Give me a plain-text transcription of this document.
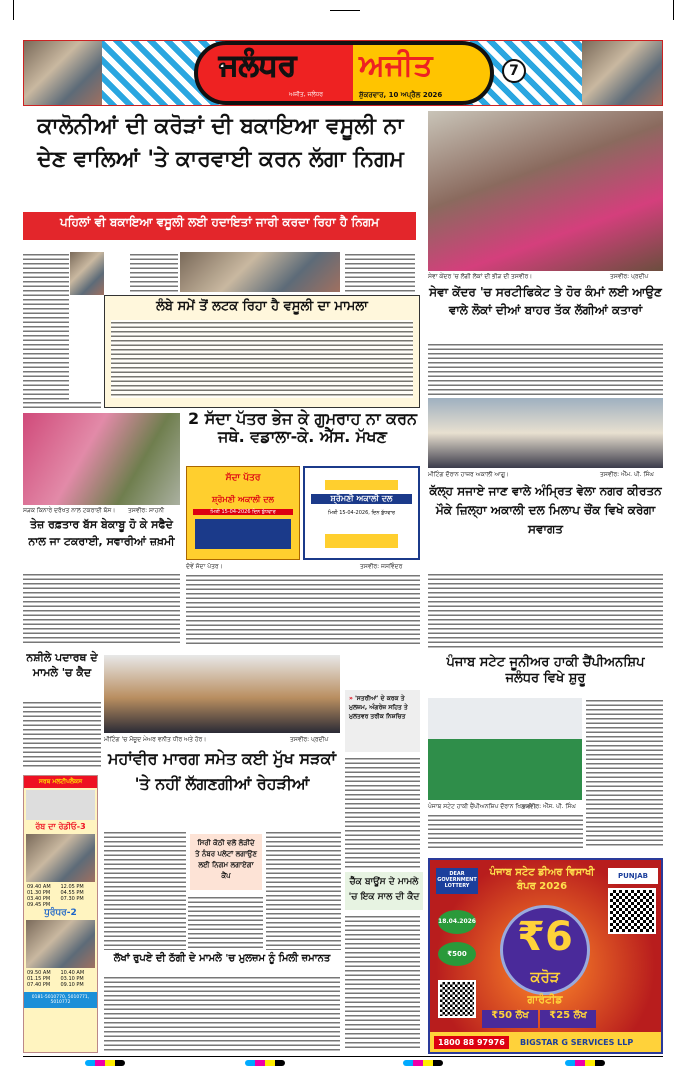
ਜਲੰਧਰ ਅਜੀਤ
ਅਜੀਤ, ਜਲੰਧਰ	ਸ਼ੁੱਕਰਵਾਰ, 10 ਅਪ੍ਰੈਲ 2026
7
ਕਾਲੋਨੀਆਂ ਦੀ ਕਰੋੜਾਂ ਦੀ ਬਕਾਇਆ ਵਸੂਲੀ ਨਾ ਦੇਣ ਵਾਲਿਆਂ 'ਤੇ ਕਾਰਵਾਈ ਕਰਨ ਲੱਗਾ ਨਿਗਮ
ਪਹਿਲਾਂ ਵੀ ਬਕਾਇਆ ਵਸੂਲੀ ਲਈ ਹਦਾਇਤਾਂ ਜਾਰੀ ਕਰਦਾ ਰਿਹਾ ਹੈ ਨਿਗਮ
ਲੰਬੇ ਸਮੇਂ ਤੋਂ ਲਟਕ ਰਿਹਾ ਹੈ ਵਸੂਲੀ ਦਾ ਮਾਮਲਾ
ਸੇਵਾ ਕੇਂਦਰ 'ਚ ਲੱਗੀ ਲੋਕਾਂ ਦੀ ਭੀੜ ਦੀ ਤਸਵੀਰ।	ਤਸਵੀਰ: ਪ੍ਰਦੀਪ
ਸੇਵਾ ਕੇਂਦਰ 'ਚ ਸਰਟੀਫਿਕੇਟ ਤੇ ਹੋਰ ਕੰਮਾਂ ਲਈ ਆਉਣ ਵਾਲੇ ਲੋਕਾਂ ਦੀਆਂ ਬਾਹਰ ਤੱਕ ਲੱਗੀਆਂ ਕਤਾਰਾਂ
ਸੜਕ ਕਿਨਾਰੇ ਦਰੱਖਤ ਨਾਲ ਟਕਰਾਈ ਬੱਸ।	ਤਸਵੀਰ: ਸਾਹਨੀ
ਤੇਜ਼ ਰਫ਼ਤਾਰ ਬੱਸ ਬੇਕਾਬੂ ਹੋ ਕੇ ਸਫੈਦੇ ਨਾਲ ਜਾ ਟਕਰਾਈ, ਸਵਾਰੀਆਂ ਜ਼ਖ਼ਮੀ
2 ਸੱਦਾ ਪੱਤਰ ਭੇਜ ਕੇ ਗੁਮਰਾਹ ਨਾ ਕਰਨ ਜਥੇ. ਵਡਾਲਾ-ਕੇ. ਐੱਸ. ਮੱਖਣ
ਸੱਦਾ ਪੱਤਰ
ਸ਼੍ਰੋਮਣੀ ਅਕਾਲੀ ਦਲ
ਮਿਤੀ 15-04-2026 ਦਿਨ ਬੁੱਧਵਾਰ
ਸ਼੍ਰੋਮਣੀ ਅਕਾਲੀ ਦਲ
ਮਿਤੀ 15-04-2026, ਦਿਨ ਬੁੱਧਵਾਰ
ਦੋਵੇਂ ਸੱਦਾ ਪੱਤਰ।	ਤਸਵੀਰ: ਜਸਵਿੰਦਰ
ਮੀਟਿੰਗ ਦੌਰਾਨ ਹਾਜ਼ਰ ਅਕਾਲੀ ਆਗੂ।	ਤਸਵੀਰ: ਐੱਮ. ਪੀ. ਸਿੰਘ
ਕੱਲ੍ਹ ਸਜਾਏ ਜਾਣ ਵਾਲੇ ਅੰਮ੍ਰਿਤ ਵੇਲਾ ਨਗਰ ਕੀਰਤਨ ਮੌਕੇ ਜ਼ਿਲ੍ਹਾ ਅਕਾਲੀ ਦਲ ਮਿਲਾਪ ਚੌਂਕ ਵਿਖੇ ਕਰੇਗਾ ਸਵਾਗਤ
ਨਸ਼ੀਲੇ ਪਦਾਰਥ ਦੇ ਮਾਮਲੇ 'ਚ ਕੈਦ
ਮੀਟਿੰਗ 'ਚ ਮੌਜੂਦ ਮੇਅਰ ਵਨੀਤ ਧੀਰ ਅਤੇ ਹੋਰ।	ਤਸਵੀਰ: ਪ੍ਰਦੀਪ
ਮਹਾਂਵੀਰ ਮਾਰਗ ਸਮੇਤ ਕਈ ਮੁੱਖ ਸੜਕਾਂ 'ਤੇ ਨਹੀਂ ਲੱਗਣਗੀਆਂ ਰੇਹੜੀਆਂ
» 'ਸਤਰੀਆਂ' ਦੇ ਕਰਕ ਤੇ ਮੁਲਜ਼ਮ, ਅੰਗਰੇਜ਼ ਸਹਿਤ ਤੇ ਮੁਲਤਵਰ ਤਰੀਕ ਨਿਸ਼ਚਿਤ
ਸਿਰੀ ਕੋਠੀ ਵਲੋਂ ਲੋੜੀਂਦੇ ਤੇ ਨੰਬਰ ਪਲੇਟਾਂ ਲਗਾਉਣ ਲਈ ਨਿਗਮ ਲਗਾਏਗਾ ਕੈਂਪ
ਲੱਖਾਂ ਰੁਪਏ ਦੀ ਠੱਗੀ ਦੇ ਮਾਮਲੇ 'ਚ ਮੁਲਜ਼ਮ ਨੂੰ ਮਿਲੀ ਜ਼ਮਾਨਤ
ਪੰਜਾਬ ਸਟੇਟ ਜੂਨੀਅਰ ਹਾਕੀ ਚੈਂਪੀਅਨਸ਼ਿਪ ਜਲੰਧਰ ਵਿਖੇ ਸ਼ੁਰੂ
ਪੰਜਾਬ ਸਟੇਟ ਹਾਕੀ ਚੈਂਪੀਅਨਸ਼ਿਪ ਦੌਰਾਨ ਖਿਡਾਰੀ।
ਤਸਵੀਰ: ਐੱਸ. ਪੀ. ਸਿੰਘ
ਚੈੱਕ ਬਾਊਂਸ ਦੇ ਮਾਮਲੇ 'ਚ ਇਕ ਸਾਲ ਦੀ ਕੈਦ
ਸਰਬ ਮਲਟੀਪਲੈਕਸ
ਰੱਬ ਦਾ ਰੇਡੀਓ-3
09.40 AM	12.05 PM
01.30 PM	04.55 PM
03.40 PM	07.30 PM
09.45 PM
ਧੁਰੰਧਰ-2
09.50 AM	10.40 AM
01.15 PM	03.10 PM
07.40 PM	09.10 PM
0181-5010770, 5010771, 5010772
DEAR GOVERNMENT LOTTERY
ਪੰਜਾਬ ਸਟੇਟ ਡੀਅਰ ਵਿਸਾਖੀ ਬੰਪਰ 2026
PUNJAB
18.04.2026
₹500	₹6
ਕਰੋੜ
ਗਾਰੰਟੀਡ
₹50 ਲੱਖ	₹25 ਲੱਖ
1800 88 97976	BIGSTAR G SERVICES LLP
